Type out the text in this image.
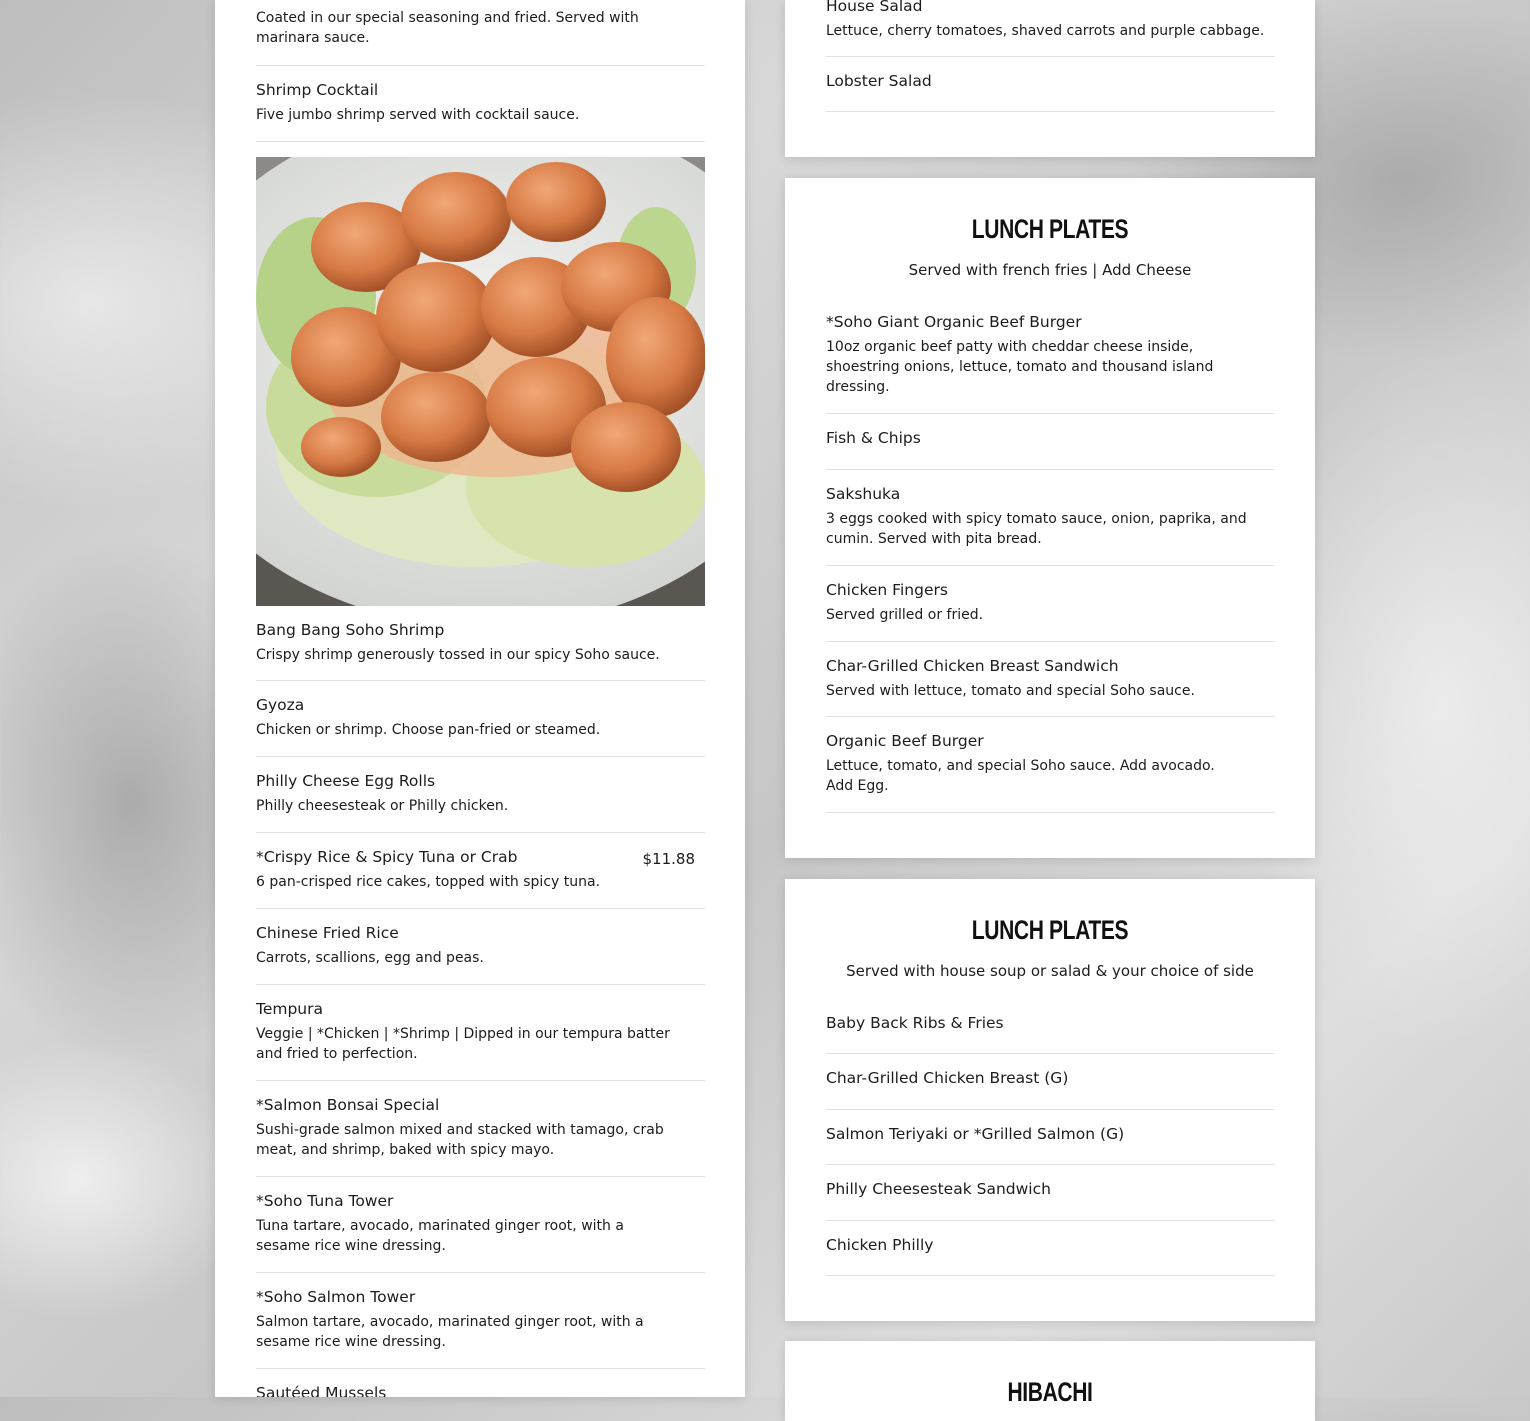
Coated in our special seasoning and fried. Served with marinara sauce.
Shrimp Cocktail
Five jumbo shrimp served with cocktail sauce.
Bang Bang Soho Shrimp
Crispy shrimp generously tossed in our spicy Soho sauce.
Gyoza
Chicken or shrimp. Choose pan-fried or steamed.
Philly Cheese Egg Rolls
Philly cheesesteak or Philly chicken.
*Crispy Rice & Spicy Tuna or Crab	$11.88
6 pan-crisped rice cakes, topped with spicy tuna.
Chinese Fried Rice
Carrots, scallions, egg and peas.
Tempura
Veggie | *Chicken | *Shrimp | Dipped in our tempura batter and fried to perfection.
*Salmon Bonsai Special
Sushi-grade salmon mixed and stacked with tamago, crab meat, and shrimp, baked with spicy mayo.
*Soho Tuna Tower
Tuna tartare, avocado, marinated ginger root, with a sesame rice wine dressing.
*Soho Salmon Tower
Salmon tartare, avocado, marinated ginger root, with a sesame rice wine dressing.
Sautéed Mussels
House Salad
Lettuce, cherry tomatoes, shaved carrots and purple cabbage.
Lobster Salad
LUNCH PLATES
Served with french fries | Add Cheese
*Soho Giant Organic Beef Burger
10oz organic beef patty with cheddar cheese inside, shoestring onions, lettuce, tomato and thousand island dressing.
Fish & Chips
Sakshuka
3 eggs cooked with spicy tomato sauce, onion, paprika, and cumin. Served with pita bread.
Chicken Fingers
Served grilled or fried.
Char-Grilled Chicken Breast Sandwich
Served with lettuce, tomato and special Soho sauce.
Organic Beef Burger
Lettuce, tomato, and special Soho sauce. Add avocado. Add Egg.
LUNCH PLATES
Served with house soup or salad & your choice of side
Baby Back Ribs & Fries
Char-Grilled Chicken Breast (G)
Salmon Teriyaki or *Grilled Salmon (G)
Philly Cheesesteak Sandwich
Chicken Philly
HIBACHI
